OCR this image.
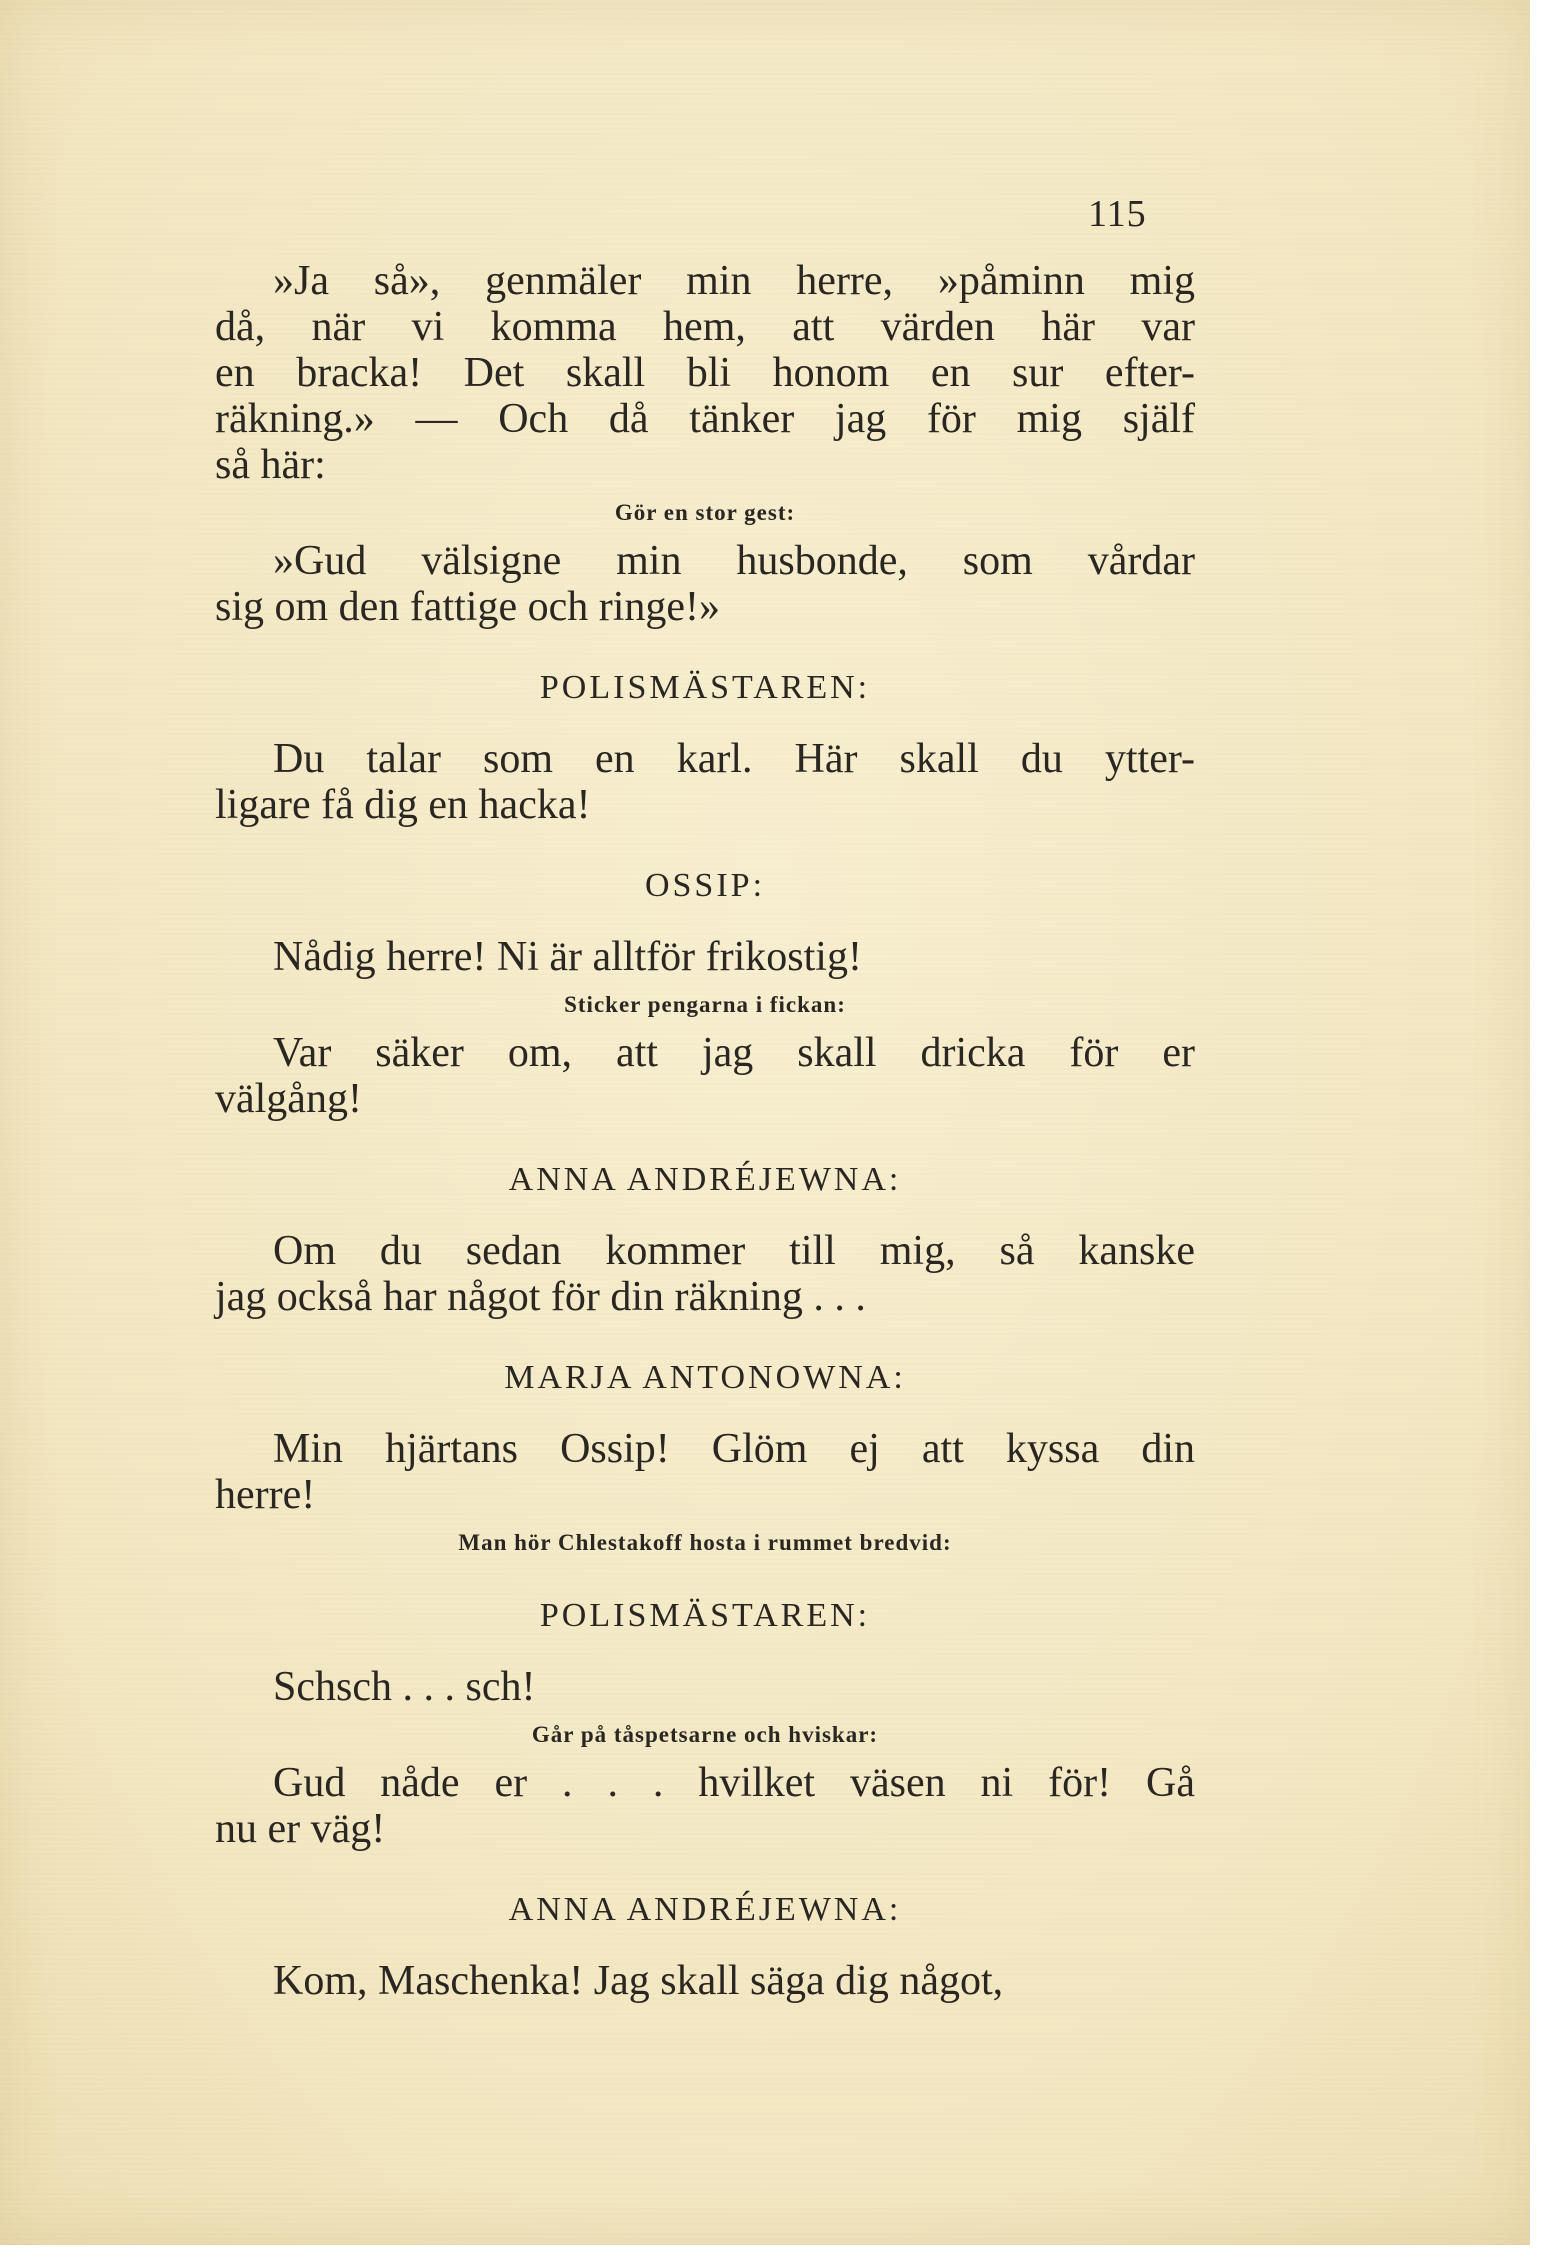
115
»Ja så», genmäler min herre, »påminn mig
då, när vi komma hem, att värden här var
en bracka! Det skall bli honom en sur efter-
räkning.» — Och då tänker jag för mig själf
så här:
Gör en stor gest:
»Gud välsigne min husbonde, som vårdar
sig om den fattige och ringe!»
POLISMÄSTAREN:
Du talar som en karl. Här skall du ytter-
ligare få dig en hacka!
OSSIP:
Nådig herre! Ni är alltför frikostig!
Sticker pengarna i fickan:
Var säker om, att jag skall dricka för er
välgång!
ANNA ANDRÉJEWNA:
Om du sedan kommer till mig, så kanske
jag också har något för din räkning . . .
MARJA ANTONOWNA:
Min hjärtans Ossip! Glöm ej att kyssa din
herre!
Man hör Chlestakoff hosta i rummet bredvid:
POLISMÄSTAREN:
Schsch . . . sch!
Går på tåspetsarne och hviskar:
Gud nåde er . . . hvilket väsen ni för! Gå
nu er väg!
ANNA ANDRÉJEWNA:
Kom, Maschenka! Jag skall säga dig något,
